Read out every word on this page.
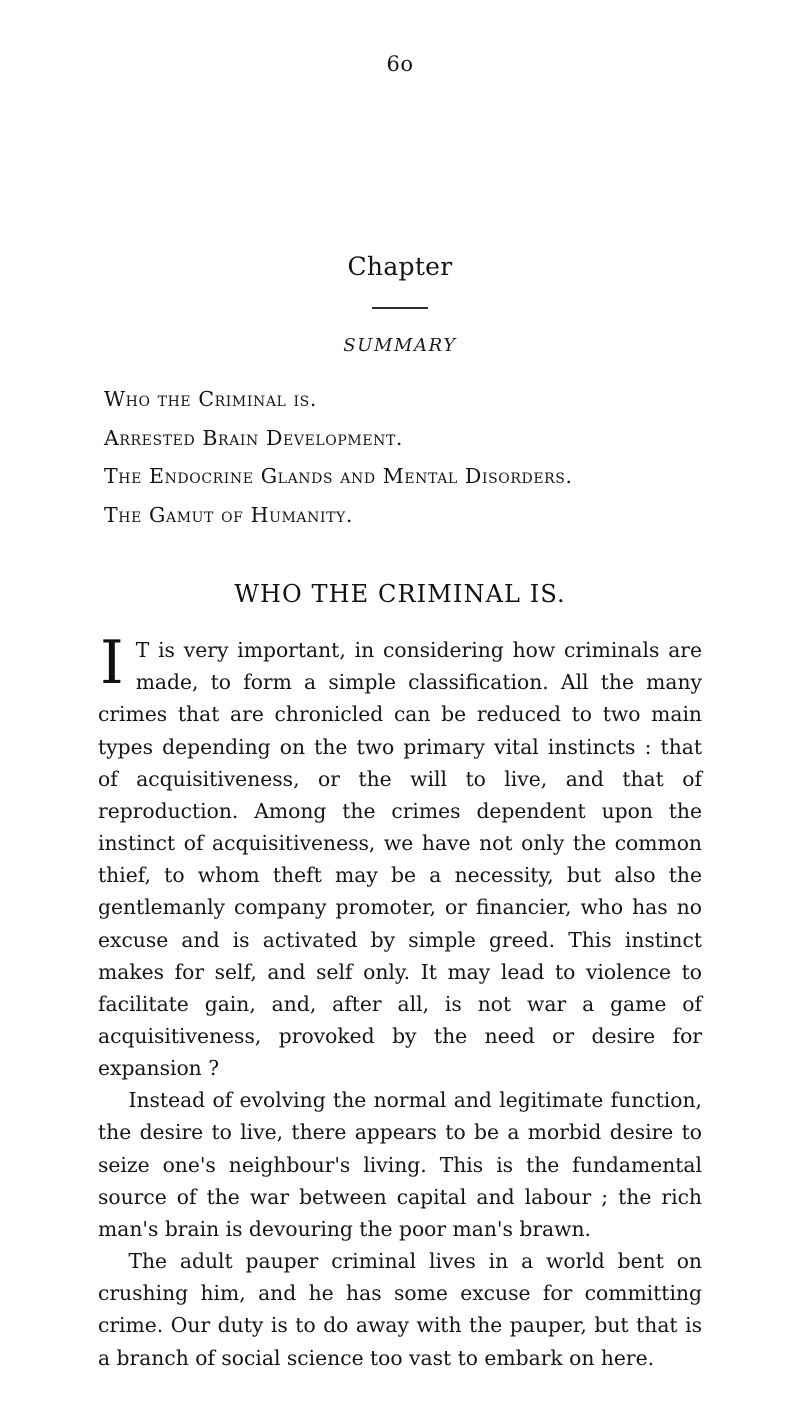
6o
Chapter
SUMMARY
Who the Criminal is.
Arrested Brain Development.
The Endocrine Glands and Mental Disorders.
The Gamut of Humanity.
WHO THE CRIMINAL IS.

I T is very important, in considering how criminals are made, to form a simple classification. All the many crimes that are chronicled can be reduced to two main types depending on the two primary vital instincts : that of acquisitiveness, or the will to live, and that of reproduction. Among the crimes dependent upon the instinct of acquisitiveness, we have not only the common thief, to whom theft may be a necessity, but also the gentlemanly company promoter, or financier, who has no excuse and is activated by simple greed. This instinct makes for self, and self only. It may lead to violence to facilitate gain, and, after all, is not war a game of acquisitiveness, provoked by the need or desire for expansion ?

Instead of evolving the normal and legitimate function, the desire to live, there appears to be a morbid desire to seize one's neighbour's living. This is the fundamental source of the war between capital and labour ; the rich man's brain is devouring the poor man's brawn.

The adult pauper criminal lives in a world bent on crushing him, and he has some excuse for committing crime. Our duty is to do away with the pauper, but that is a branch of social science too vast to embark on here.
